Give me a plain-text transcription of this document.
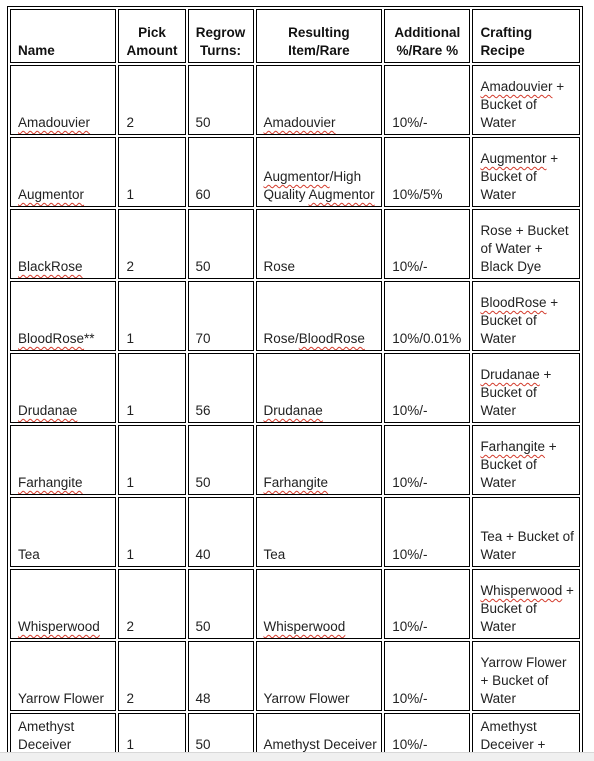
Name	Pick Amount	Regrow Turns:	Resulting Item/Rare	Additional %/Rare %	Crafting Recipe
Amadouvier	2	50	Amadouvier	10%/-	Amadouvier + Bucket of Water
Augmentor	1	60	Augmentor/High Quality Augmentor	10%/5%	Augmentor + Bucket of Water
BlackRose	2	50	Rose	10%/-	Rose + Bucket of Water + Black Dye
BloodRose**	1	70	Rose/BloodRose	10%/0.01%	BloodRose + Bucket of Water
Drudanae	1	56	Drudanae	10%/-	Drudanae + Bucket of Water
Farhangite	1	50	Farhangite	10%/-	Farhangite + Bucket of Water
Tea	1	40	Tea	10%/-	Tea + Bucket of Water
Whisperwood	2	50	Whisperwood	10%/-	Whisperwood + Bucket of Water
Yarrow Flower	2	48	Yarrow Flower	10%/-	Yarrow Flower + Bucket of Water
Amethyst Deceiver	1	50	Amethyst Deceiver	10%/-	Amethyst Deceiver +
